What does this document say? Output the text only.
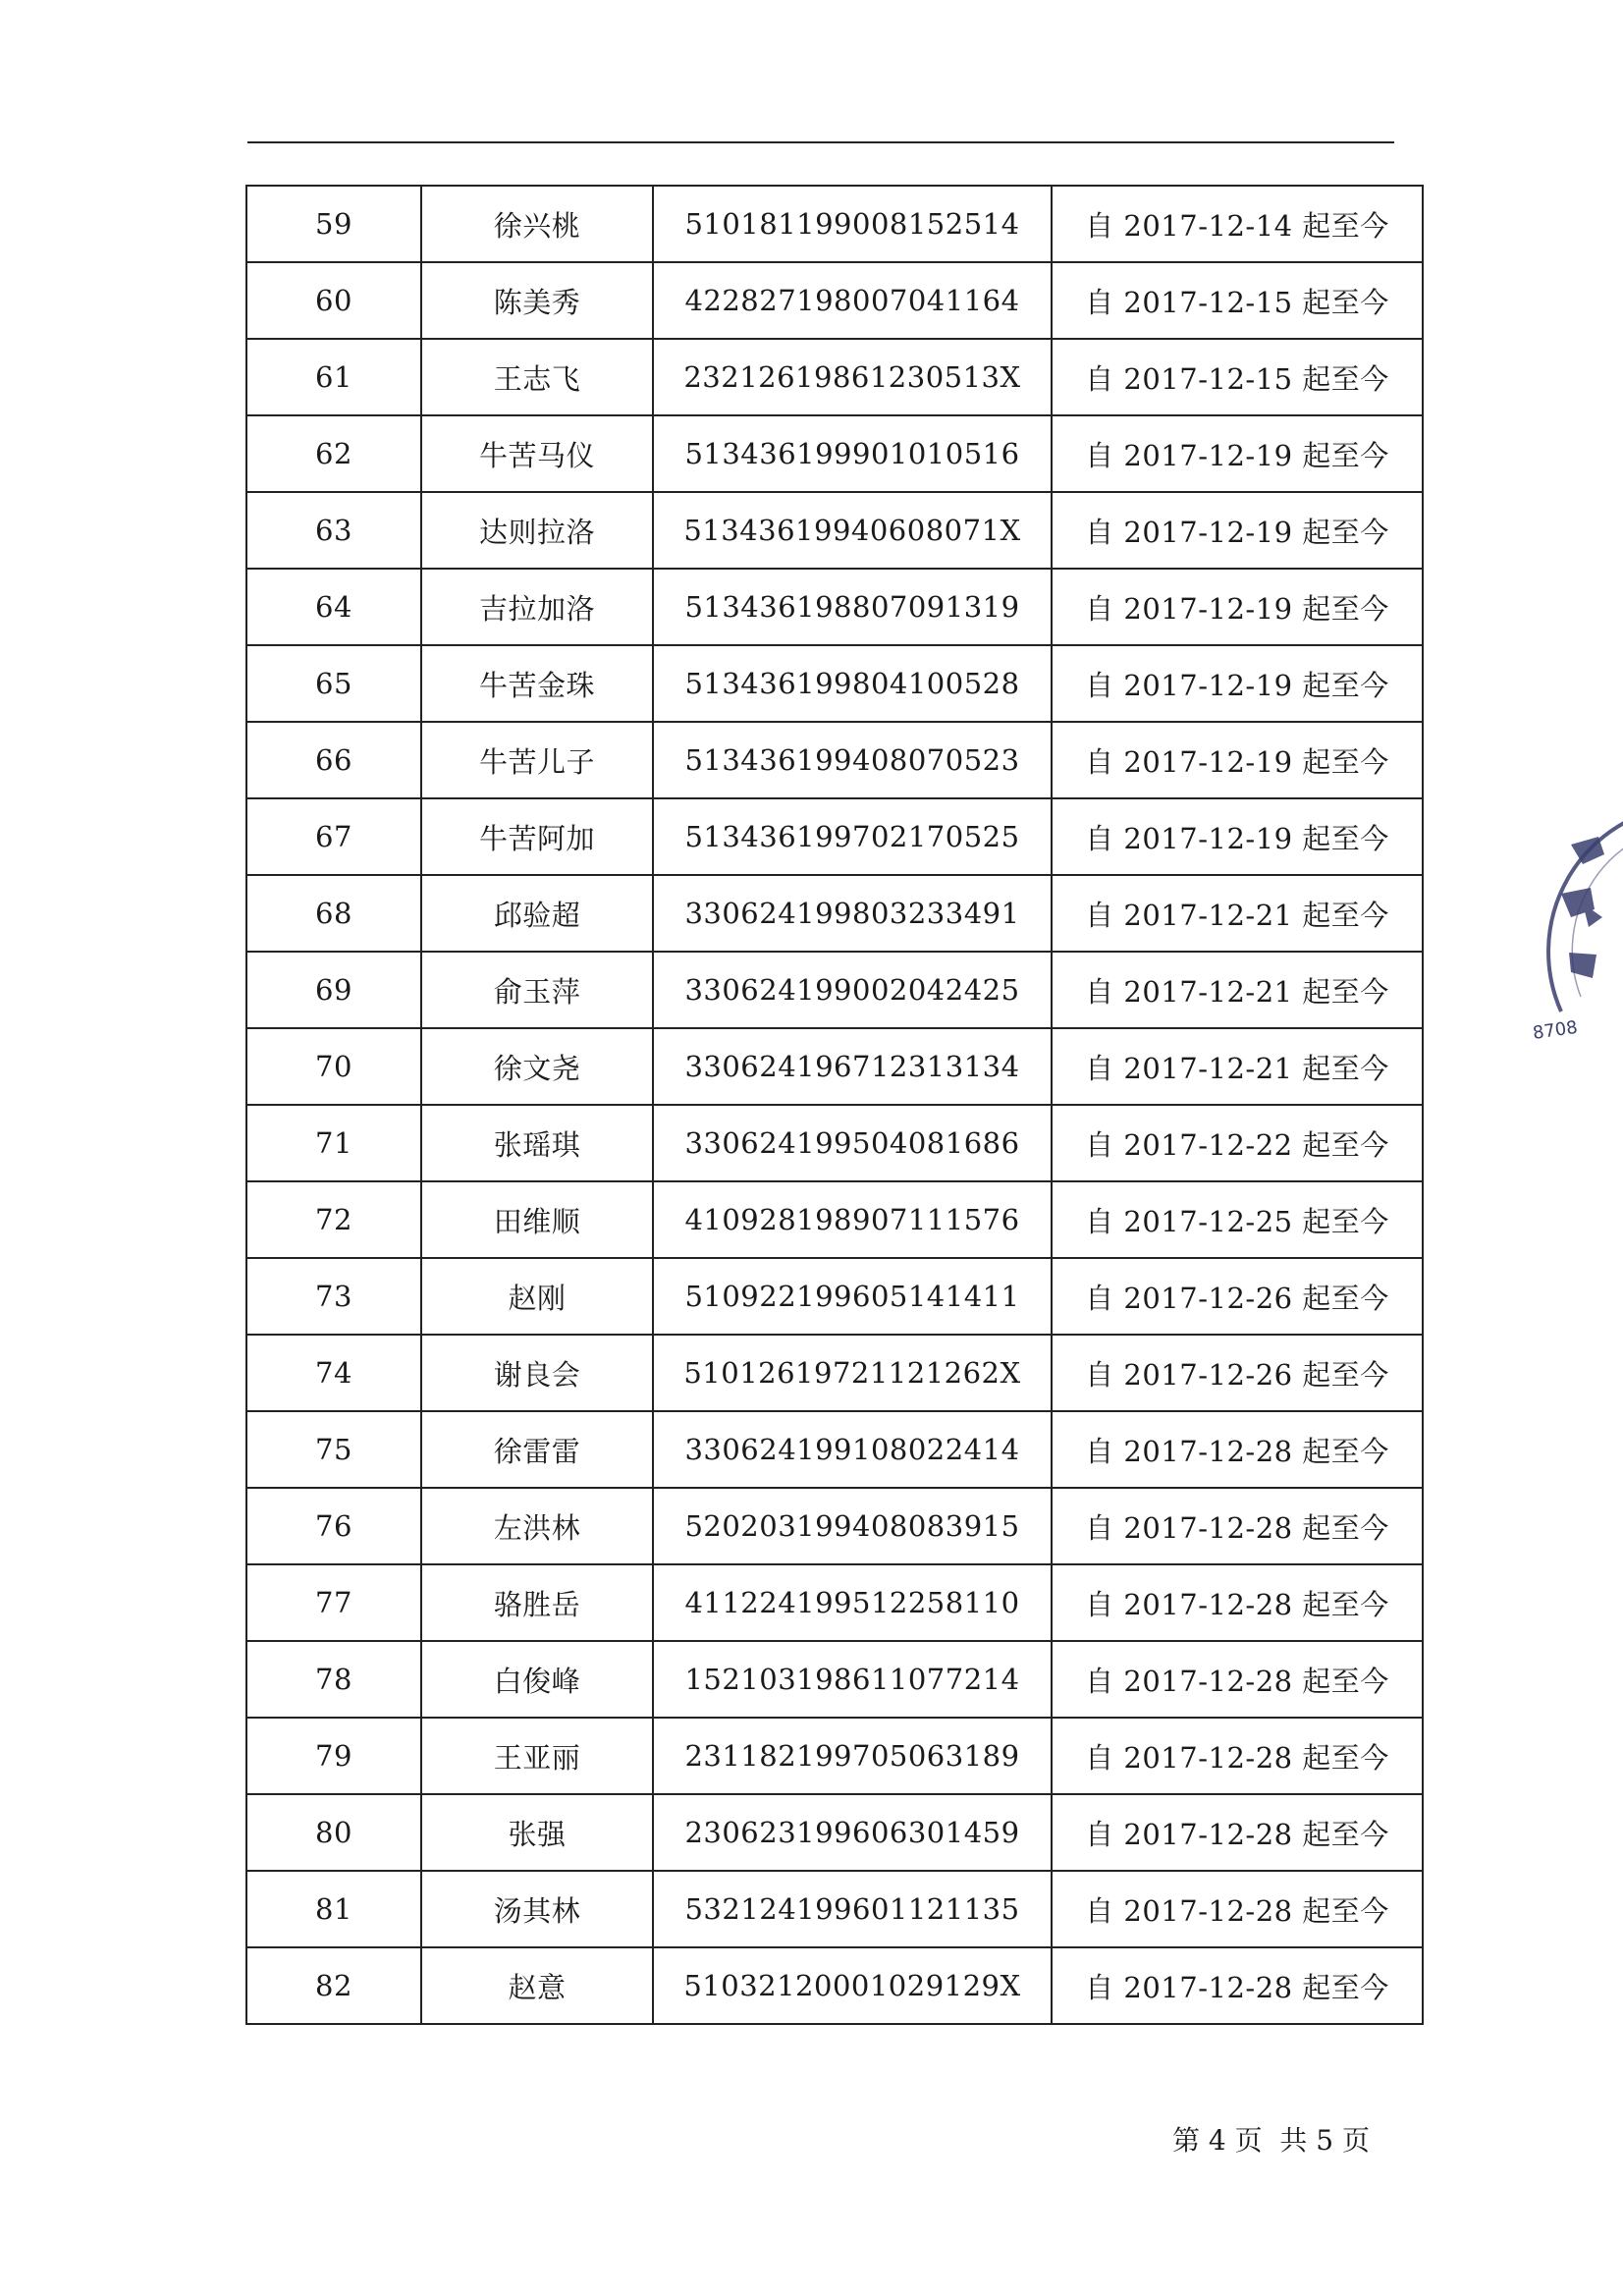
59	徐兴桃	510181199008152514	自 2017-12-14 起至今
60	陈美秀	422827198007041164	自 2017-12-15 起至今
61	王志飞	23212619861230513X	自 2017-12-15 起至今
62	牛苦马仪	513436199901010516	自 2017-12-19 起至今
63	达则拉洛	51343619940608071X	自 2017-12-19 起至今
64	吉拉加洛	513436198807091319	自 2017-12-19 起至今
65	牛苦金珠	513436199804100528	自 2017-12-19 起至今
66	牛苦儿子	513436199408070523	自 2017-12-19 起至今
67	牛苦阿加	513436199702170525	自 2017-12-19 起至今
68	邱验超	330624199803233491	自 2017-12-21 起至今
69	俞玉萍	330624199002042425	自 2017-12-21 起至今
70	徐文尧	330624196712313134	自 2017-12-21 起至今
71	张瑶琪	330624199504081686	自 2017-12-22 起至今
72	田维顺	410928198907111576	自 2017-12-25 起至今
73	赵刚	510922199605141411	自 2017-12-26 起至今
74	谢良会	51012619721121262X	自 2017-12-26 起至今
75	徐雷雷	330624199108022414	自 2017-12-28 起至今
76	左洪林	520203199408083915	自 2017-12-28 起至今
77	骆胜岳	411224199512258110	自 2017-12-28 起至今
78	白俊峰	152103198611077214	自 2017-12-28 起至今
79	王亚丽	231182199705063189	自 2017-12-28 起至今
80	张强	230623199606301459	自 2017-12-28 起至今
81	汤其林	532124199601121135	自 2017-12-28 起至今
82	赵意	51032120001029129X	自 2017-12-28 起至今
第 4 页  共 5 页
8708
